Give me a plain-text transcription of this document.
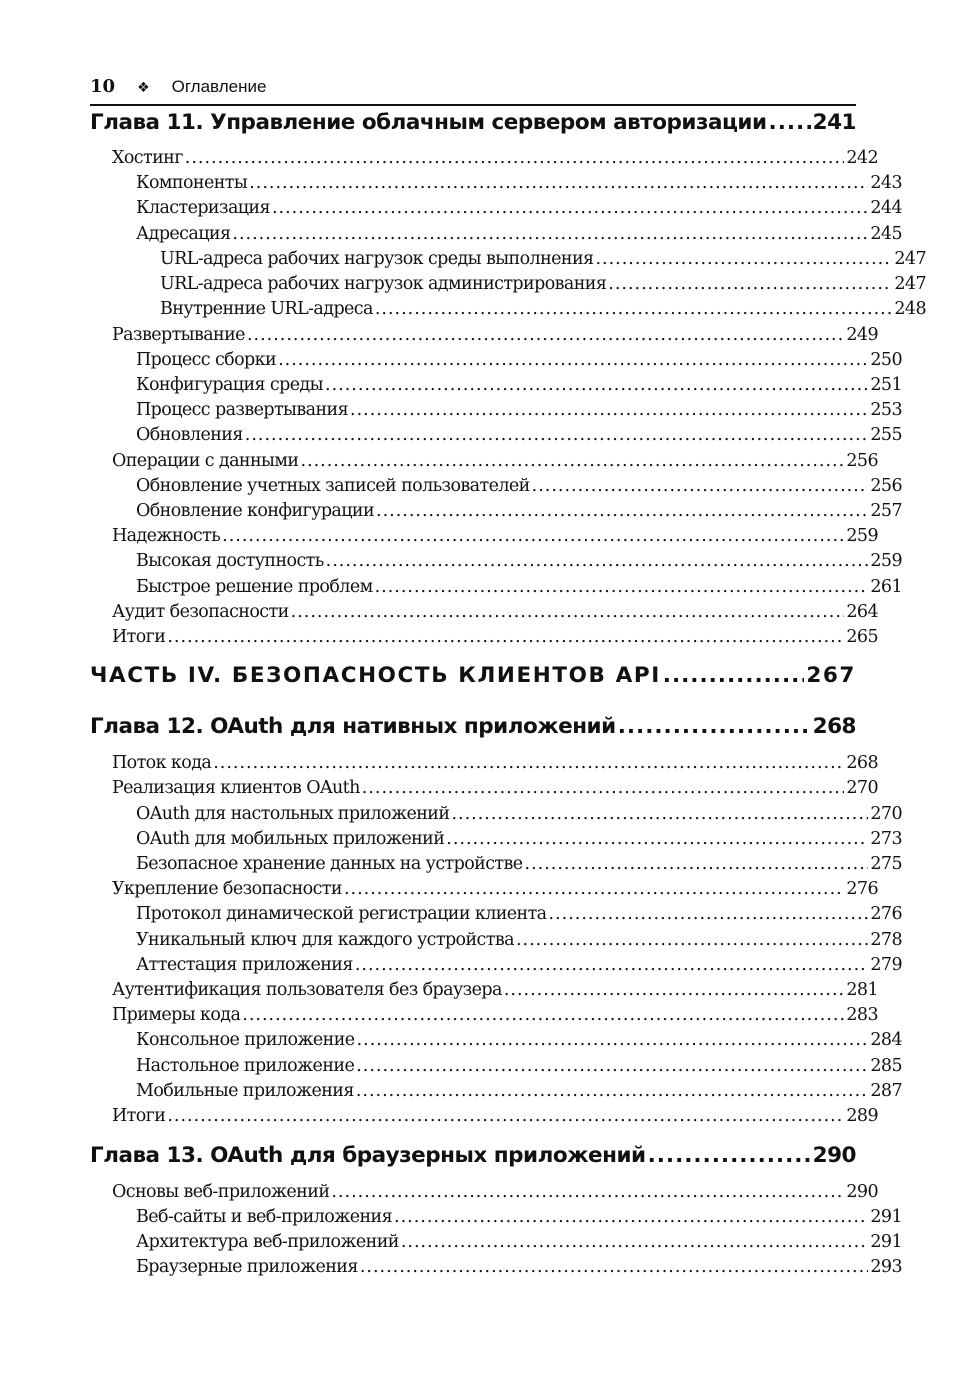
10 ❖ Оглавление
Глава 11. Управление облачным сервером авторизации ..... 241
Хостинг .....	242
Компоненты .....	243
Кластеризация .....	244
Адресация .....	245
URL-адреса рабочих нагрузок среды выполнения .....	247
URL-адреса рабочих нагрузок администрирования .....	247
Внутренние URL-адреса .....	248
Развертывание .....	249
Процесс сборки .....	250
Конфигурация среды .....	251
Процесс развертывания .....	253
Обновления .....	255
Операции с данными .....	256
Обновление учетных записей пользователей .....	256
Обновление конфигурации .....	257
Надежность .....	259
Высокая доступность .....	259
Быстрое решение проблем .....	261
Аудит безопасности .....	264
Итоги .....	265
ЧАСТЬ IV. БЕЗОПАСНОСТЬ КЛИЕНТОВ API .....	267
Глава 12. OAuth для нативных приложений .....	268
Поток кода .....	268
Реализация клиентов OAuth .....	270
OAuth для настольных приложений .....	270
OAuth для мобильных приложений .....	273
Безопасное хранение данных на устройстве .....	275
Укрепление безопасности .....	276
Протокол динамической регистрации клиента .....	276
Уникальный ключ для каждого устройства .....	278
Аттестация приложения .....	279
Аутентификация пользователя без браузера .....	281
Примеры кода .....	283
Консольное приложение .....	284
Настольное приложение .....	285
Мобильные приложения .....	287
Итоги .....	289
Глава 13. OAuth для браузерных приложений .....	290
Основы веб-приложений .....	290
Веб-сайты и веб-приложения .....	291
Архитектура веб-приложений .....	291
Браузерные приложения .....	293
